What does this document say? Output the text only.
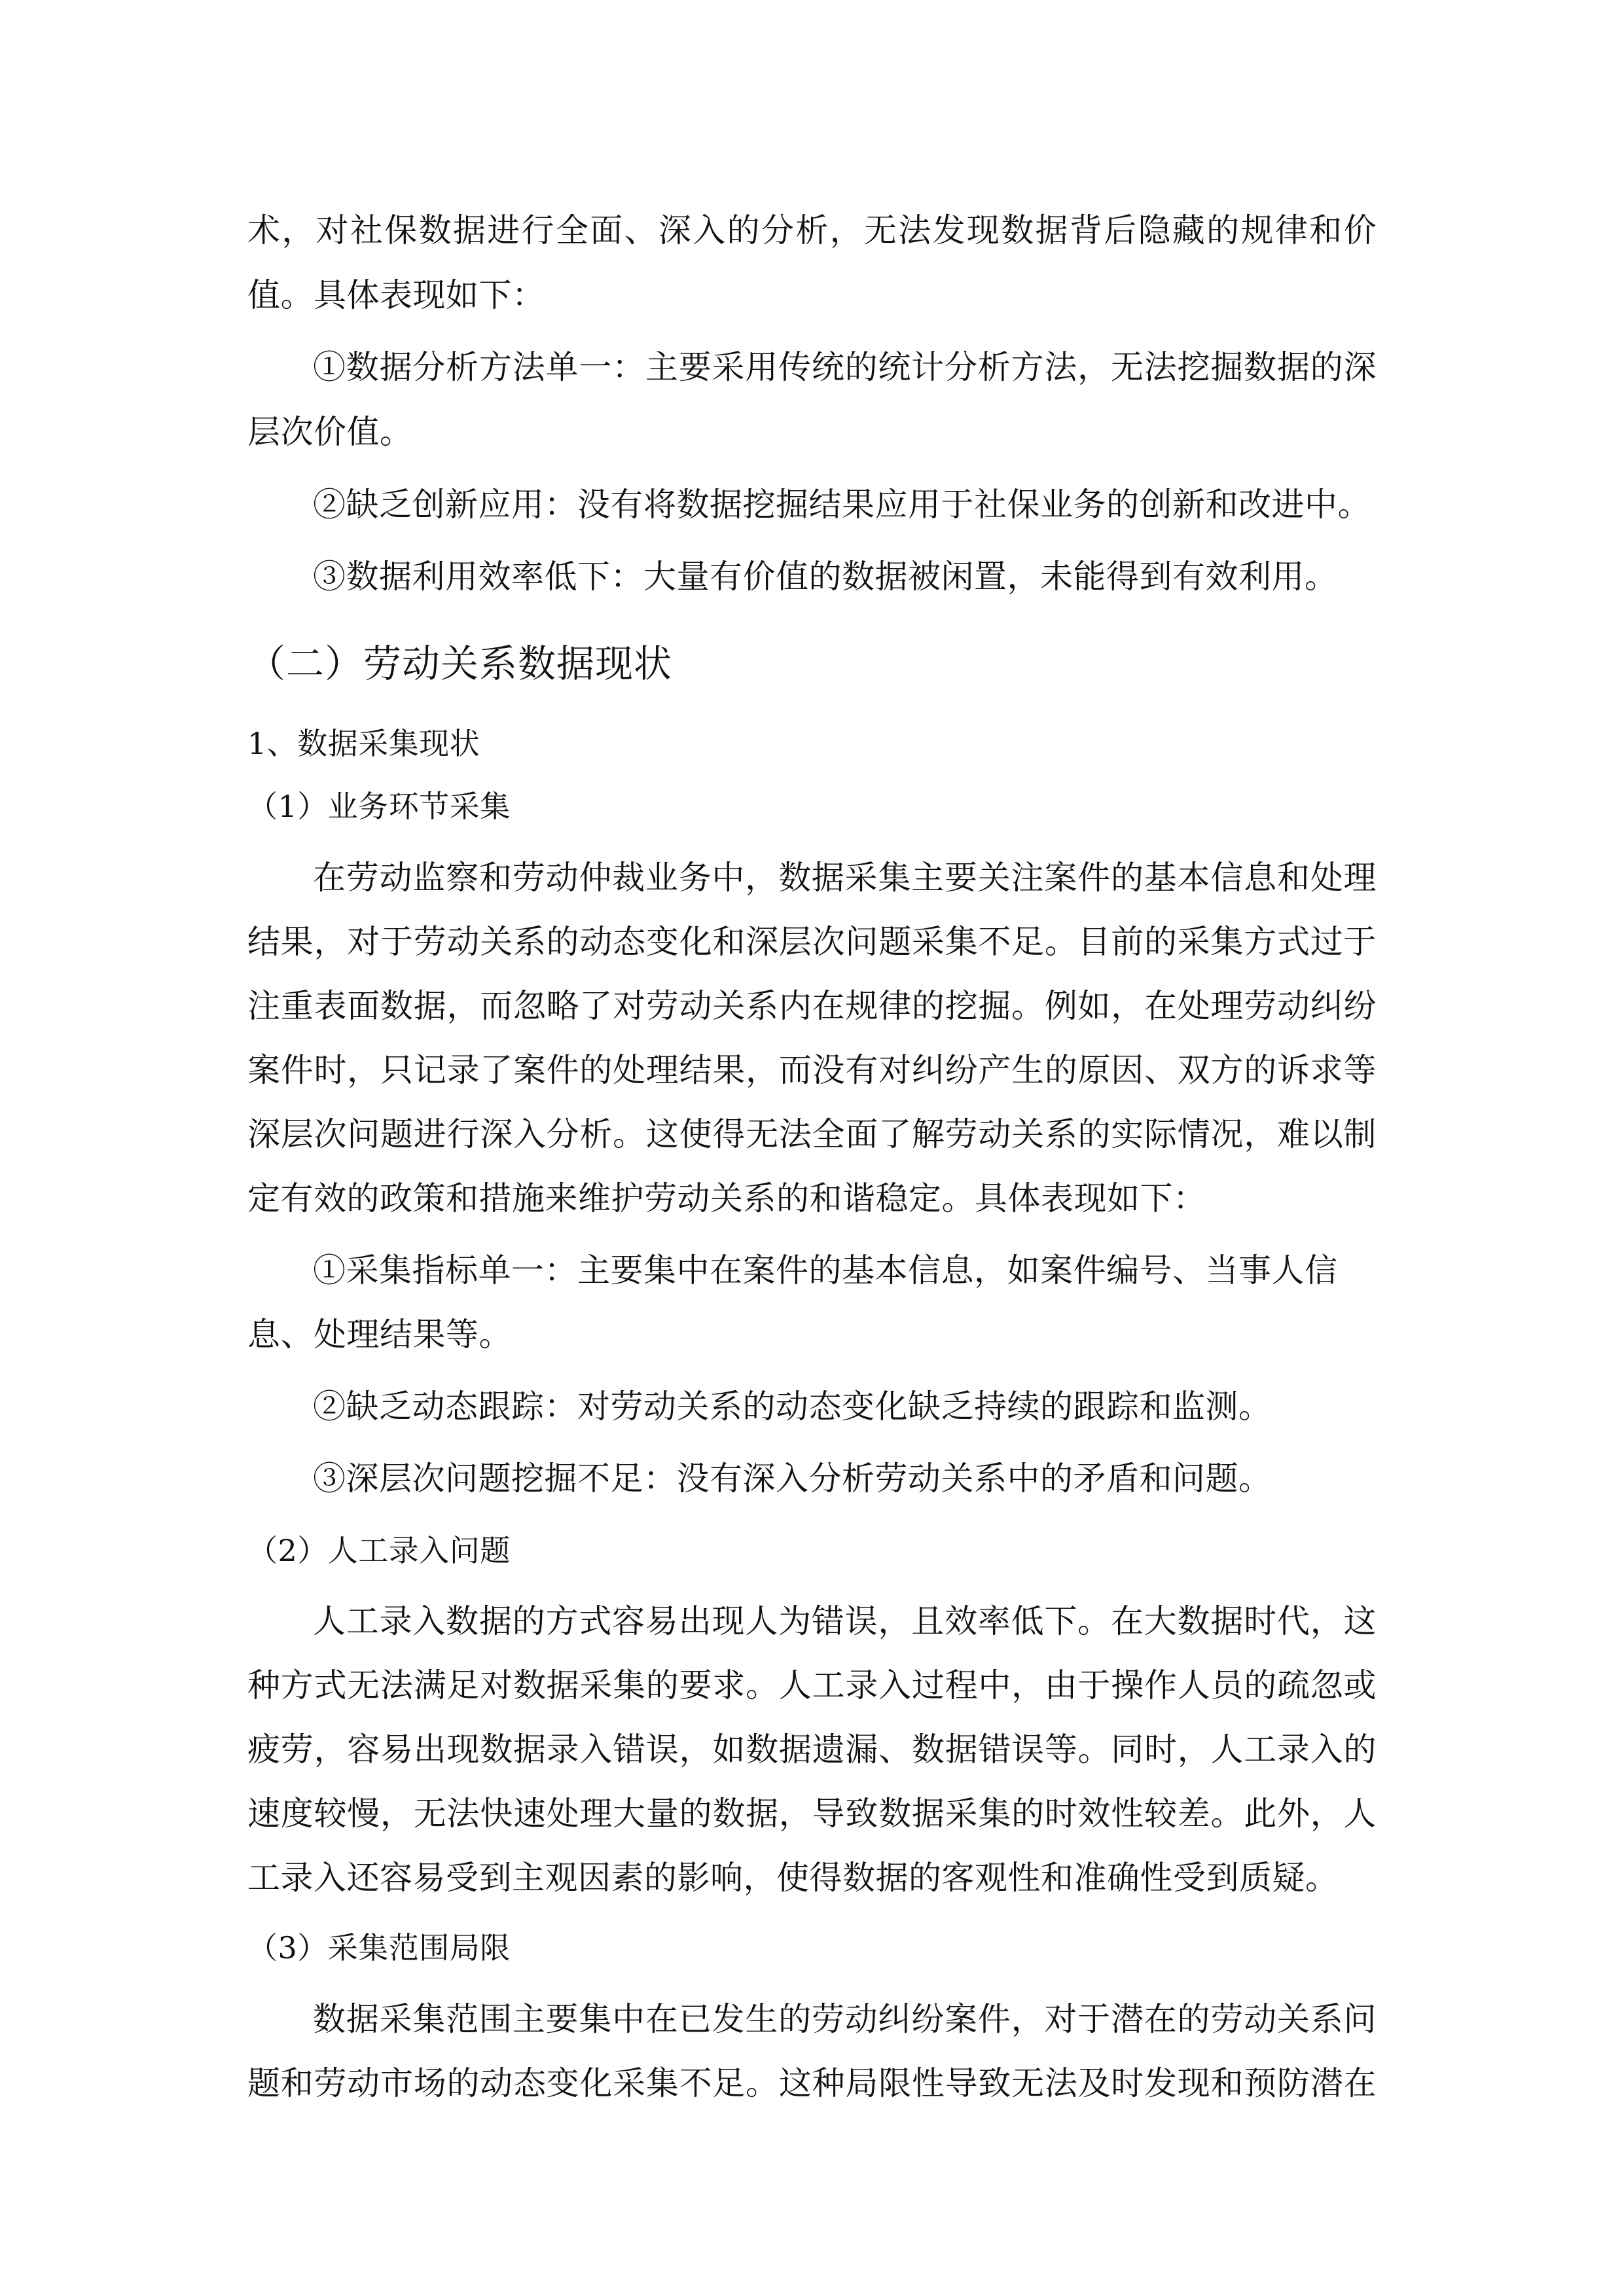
术，对社保数据进行全面、深入的分析，无法发现数据背后隐藏的规律和价
值。具体表现如下：
①数据分析方法单一：主要采用传统的统计分析方法，无法挖掘数据的深
层次价值。
②缺乏创新应用：没有将数据挖掘结果应用于社保业务的创新和改进中。
③数据利用效率低下：大量有价值的数据被闲置，未能得到有效利用。
（二）劳动关系数据现状
1、数据采集现状
（1）业务环节采集
在劳动监察和劳动仲裁业务中，数据采集主要关注案件的基本信息和处理
结果，对于劳动关系的动态变化和深层次问题采集不足。目前的采集方式过于
注重表面数据，而忽略了对劳动关系内在规律的挖掘。例如，在处理劳动纠纷
案件时，只记录了案件的处理结果，而没有对纠纷产生的原因、双方的诉求等
深层次问题进行深入分析。这使得无法全面了解劳动关系的实际情况，难以制
定有效的政策和措施来维护劳动关系的和谐稳定。具体表现如下：
①采集指标单一：主要集中在案件的基本信息，如案件编号、当事人信
息、处理结果等。
②缺乏动态跟踪：对劳动关系的动态变化缺乏持续的跟踪和监测。
③深层次问题挖掘不足：没有深入分析劳动关系中的矛盾和问题。
（2）人工录入问题
人工录入数据的方式容易出现人为错误，且效率低下。在大数据时代，这
种方式无法满足对数据采集的要求。人工录入过程中，由于操作人员的疏忽或
疲劳，容易出现数据录入错误，如数据遗漏、数据错误等。同时，人工录入的
速度较慢，无法快速处理大量的数据，导致数据采集的时效性较差。此外，人
工录入还容易受到主观因素的影响，使得数据的客观性和准确性受到质疑。
（3）采集范围局限
数据采集范围主要集中在已发生的劳动纠纷案件，对于潜在的劳动关系问
题和劳动市场的动态变化采集不足。这种局限性导致无法及时发现和预防潜在
